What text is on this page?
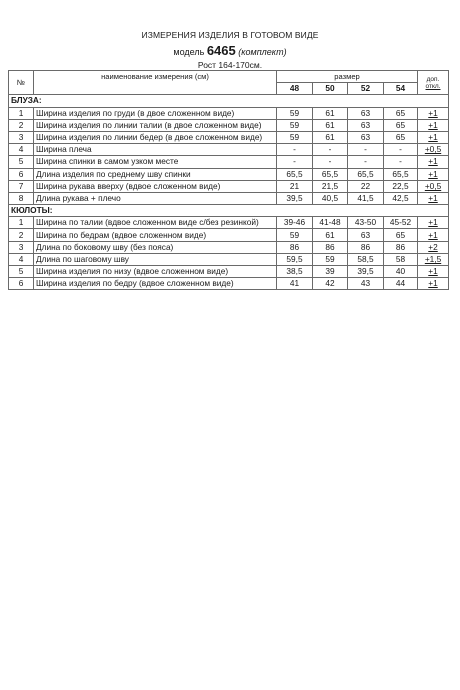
ИЗМЕРЕНИЯ ИЗДЕЛИЯ В ГОТОВОМ ВИДЕ
модель 6465 (комплект)
Рост 164-170см.
№	наименование измерения (см)	размер				доп.
откл.

		48	50	52	54	
БЛУЗА:						
1	Ширина изделия по груди (в двое сложенном виде)	59	61	63	65	+1
2	Ширина изделия по линии талии (в двое сложенном виде)	59	61	63	65	+1
3	Ширина изделия по линии бедер (в двое сложенном виде)	59	61	63	65	+1
4	Ширина плеча	-	-	-	-	+0,5
5	Ширина спинки в самом узком месте	-	-	-	-	+1
6	Длина изделия по среднему шву спинки	65,5	65,5	65,5	65,5	+1
7	Ширина рукава вверху (вдвое сложенном виде)	21	21,5	22	22,5	+0,5
8	Длина рукава + плечо	39,5	40,5	41,5	42,5	+1
КЮЛОТЫ:						
1	Ширина по талии (вдвое сложенном виде с/без резинкой)	39-46	41-48	43-50	45-52	+1
2	Ширина по бедрам (вдвое сложенном виде)	59	61	63	65	+1
3	Длина по боковому шву (без пояса)	86	86	86	86	+2
4	Длина по шаговому шву	59,5	59	58,5	58	+1,5
5	Ширина изделия по низу (вдвое сложенном виде)	38,5	39	39,5	40	+1
6	Ширина изделия по бедру (вдвое сложенном виде)	41	42	43	44	+1
